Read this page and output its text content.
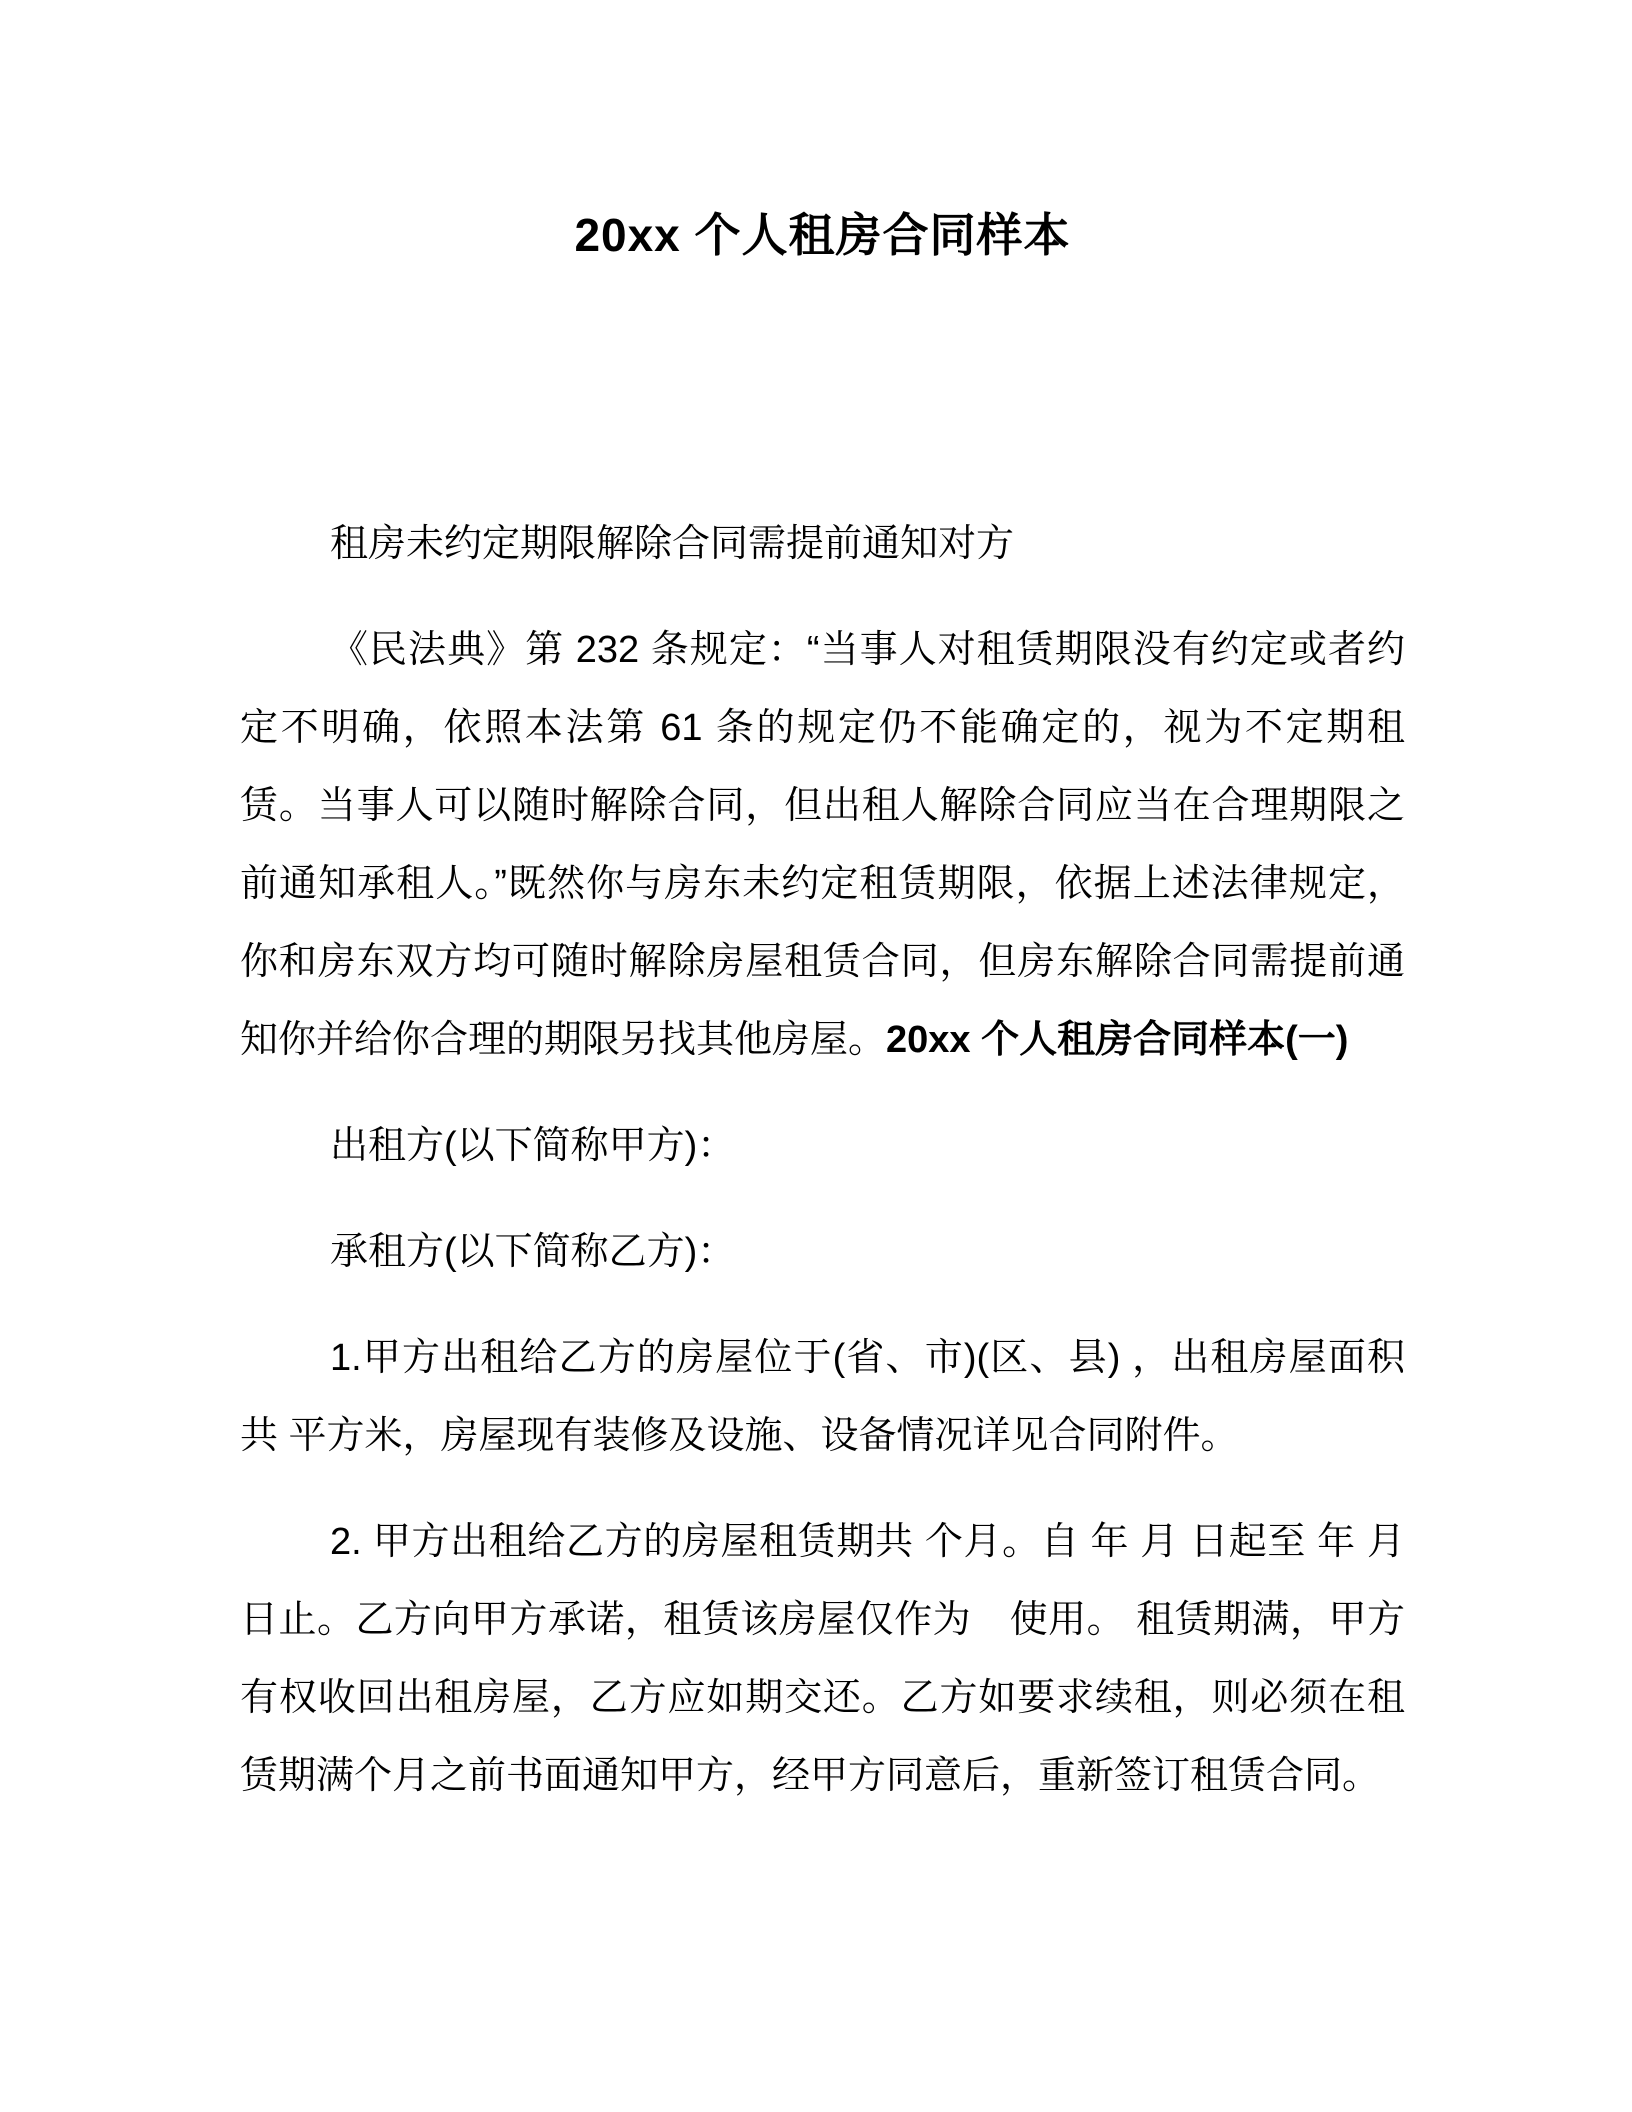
20xx 个人租房合同样本

租房未约定期限解除合同需提前通知对方

《民法典》第 232 条规定：“当事人对租赁期限没有约定或者约定不明确，依照本法第 61 条的规定仍不能确定的，视为不定期租赁。当事人可以随时解除合同，但出租人解除合同应当在合理期限之前通知承租人。”既然你与房东未约定租赁期限，依据上述法律规定，你和房东双方均可随时解除房屋租赁合同，但房东解除合同需提前通知你并给你合理的期限另找其他房屋。20xx 个人租房合同样本(一)

出租方(以下简称甲方)：

承租方(以下简称乙方)：

1.甲方出租给乙方的房屋位于(省、市)(区、县) ，出租房屋面积共 平方米，房屋现有装修及设施、设备情况详见合同附件。

2. 甲方出租给乙方的房屋租赁期共 个月。自 年 月 日起至 年 月日止。乙方向甲方承诺，租赁该房屋仅作为　使用。 租赁期满，甲方有权收回出租房屋，乙方应如期交还。乙方如要求续租，则必须在租赁期满个月之前书面通知甲方，经甲方同意后，重新签订租赁合同。
